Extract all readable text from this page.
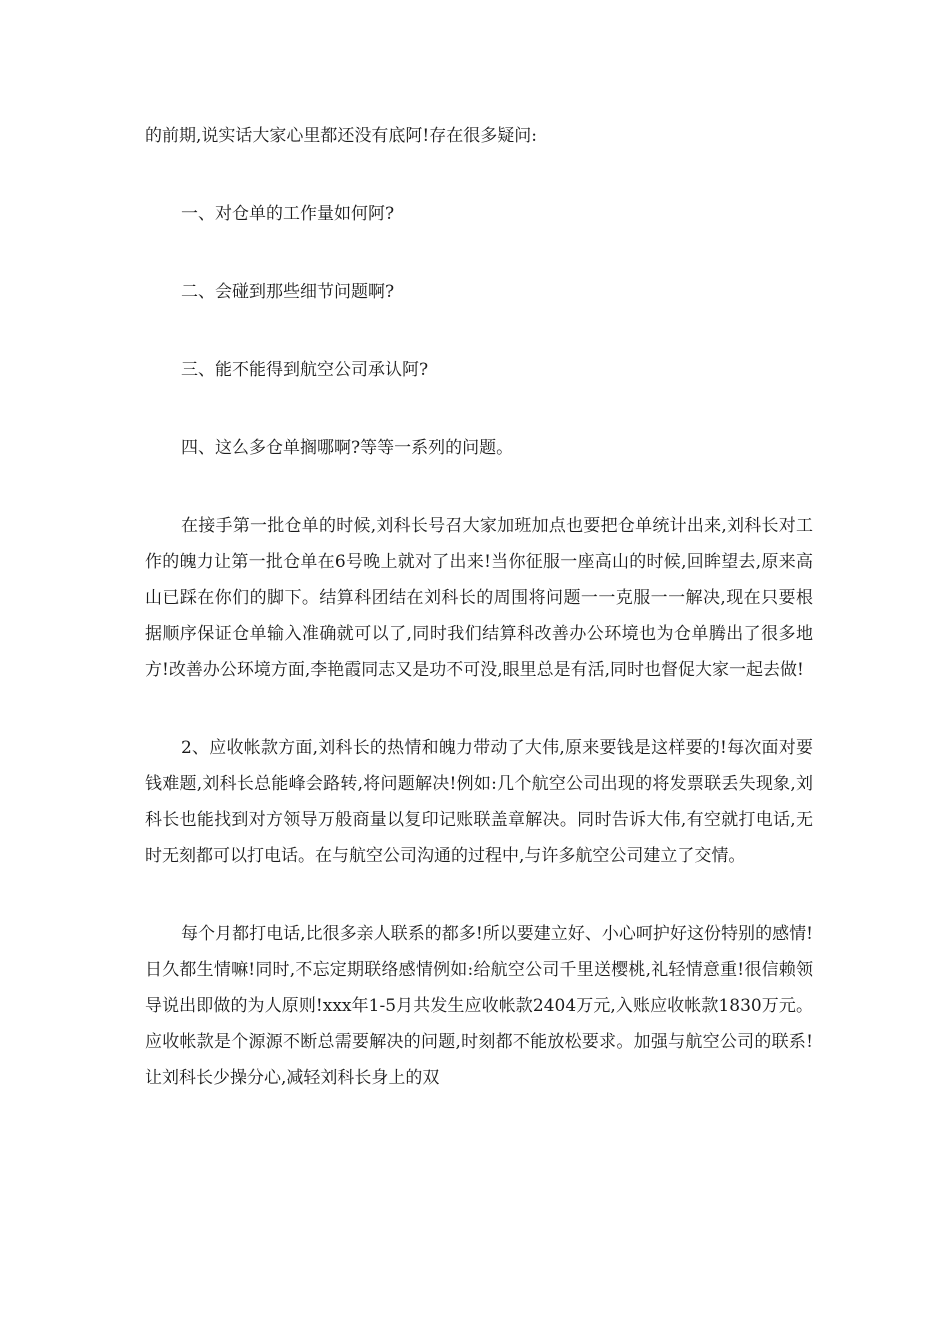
的前期,说实话大家心里都还没有底阿!存在很多疑问:

一、对仓单的工作量如何阿?

二、会碰到那些细节问题啊?

三、能不能得到航空公司承认阿?

四、这么多仓单搁哪啊?等等一系列的问题。

在接手第一批仓单的时候,刘科长号召大家加班加点也要把仓单统计出来,刘科长对工作的魄力让第一批仓单在6号晚上就对了出来!当你征服一座高山的时候,回眸望去,原来高山已踩在你们的脚下。结算科团结在刘科长的周围将问题一一克服一一解决,现在只要根据顺序保证仓单输入准确就可以了,同时我们结算科改善办公环境也为仓单腾出了很多地方!改善办公环境方面,李艳霞同志又是功不可没,眼里总是有活,同时也督促大家一起去做!

2、应收帐款方面,刘科长的热情和魄力带动了大伟,原来要钱是这样要的!每次面对要钱难题,刘科长总能峰会路转,将问题解决!例如:几个航空公司出现的将发票联丢失现象,刘科长也能找到对方领导万般商量以复印记账联盖章解决。同时告诉大伟,有空就打电话,无时无刻都可以打电话。在与航空公司沟通的过程中,与许多航空公司建立了交情。

每个月都打电话,比很多亲人联系的都多!所以要建立好、小心呵护好这份特别的感情!日久都生情嘛!同时,不忘定期联络感情例如:给航空公司千里送樱桃,礼轻情意重!很信赖领导说出即做的为人原则!xxx年1-5月共发生应收帐款2404万元,入账应收帐款1830万元。应收帐款是个源源不断总需要解决的问题,时刻都不能放松要求。加强与航空公司的联系!让刘科长少操分心,减轻刘科长身上的双
